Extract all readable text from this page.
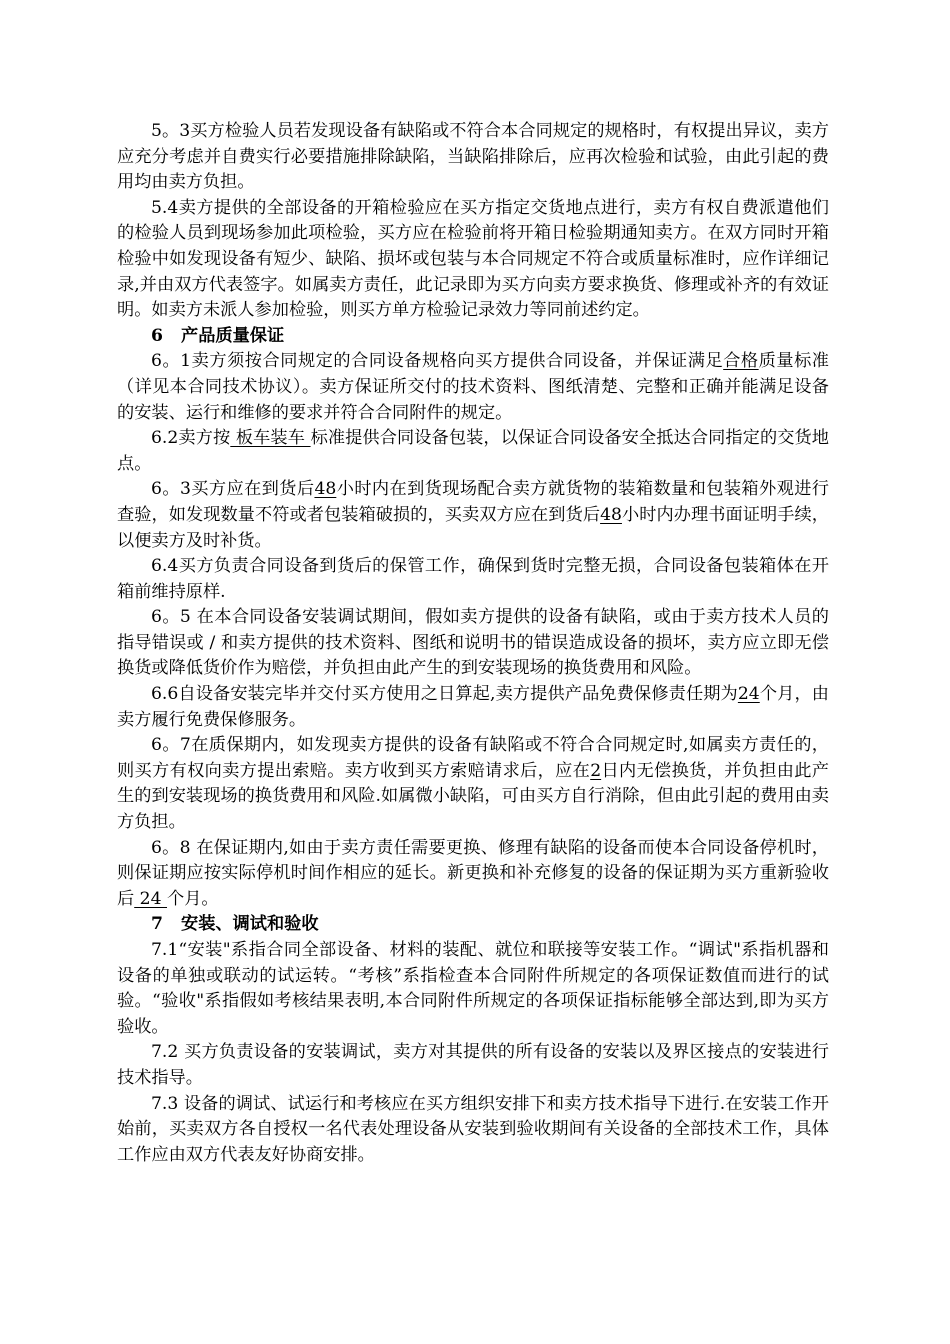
5。3买方检验人员若发现设备有缺陷或不符合本合同规定的规格时，有权提出异议，卖方应充分考虑并自费实行必要措施排除缺陷，当缺陷排除后，应再次检验和试验，由此引起的费用均由卖方负担。

5.4卖方提供的全部设备的开箱检验应在买方指定交货地点进行，卖方有权自费派遣他们的检验人员到现场参加此项检验，买方应在检验前将开箱日检验期通知卖方。在双方同时开箱检验中如发现设备有短少、缺陷、损坏或包装与本合同规定不符合或质量标准时，应作详细记录,并由双方代表签字。如属卖方责任，此记录即为买方向卖方要求换货、修理或补齐的有效证明。如卖方未派人参加检验，则买方单方检验记录效力等同前述约定。

6 产品质量保证

6。1卖方须按合同规定的合同设备规格向买方提供合同设备，并保证满足合格质量标准（详见本合同技术协议）。卖方保证所交付的技术资料、图纸清楚、完整和正确并能满足设备的安装、运行和维修的要求并符合合同附件的规定。

6.2卖方按 板车装车 标准提供合同设备包装，以保证合同设备安全抵达合同指定的交货地点。

6。3买方应在到货后48小时内在到货现场配合卖方就货物的装箱数量和包装箱外观进行查验，如发现数量不符或者包装箱破损的，买卖双方应在到货后48小时内办理书面证明手续，以便卖方及时补货。

6.4买方负责合同设备到货后的保管工作，确保到货时完整无损，合同设备包装箱体在开箱前维持原样.

6。5 在本合同设备安装调试期间，假如卖方提供的设备有缺陷，或由于卖方技术人员的指导错误或 / 和卖方提供的技术资料、图纸和说明书的错误造成设备的损坏，卖方应立即无偿换货或降低货价作为赔偿，并负担由此产生的到安装现场的换货费用和风险。

6.6自设备安装完毕并交付买方使用之日算起,卖方提供产品免费保修责任期为24个月，由卖方履行免费保修服务。

6。7在质保期内，如发现卖方提供的设备有缺陷或不符合合同规定时,如属卖方责任的，则买方有权向卖方提出索赔。卖方收到买方索赔请求后，应在2日内无偿换货，并负担由此产生的到安装现场的换货费用和风险.如属微小缺陷，可由买方自行消除，但由此引起的费用由卖方负担。

6。8 在保证期内,如由于卖方责任需要更换、修理有缺陷的设备而使本合同设备停机时，则保证期应按实际停机时间作相应的延长。新更换和补充修复的设备的保证期为买方重新验收后 24 个月。

7 安装、调试和验收

7.1“安装"系指合同全部设备、材料的装配、就位和联接等安装工作。“调试"系指机器和设备的单独或联动的试运转。“考核”系指检查本合同附件所规定的各项保证数值而进行的试验。“验收"系指假如考核结果表明,本合同附件所规定的各项保证指标能够全部达到,即为买方验收。

7.2 买方负责设备的安装调试，卖方对其提供的所有设备的安装以及界区接点的安装进行技术指导。

7.3 设备的调试、试运行和考核应在买方组织安排下和卖方技术指导下进行.在安装工作开始前，买卖双方各自授权一名代表处理设备从安装到验收期间有关设备的全部技术工作，具体工作应由双方代表友好协商安排。
